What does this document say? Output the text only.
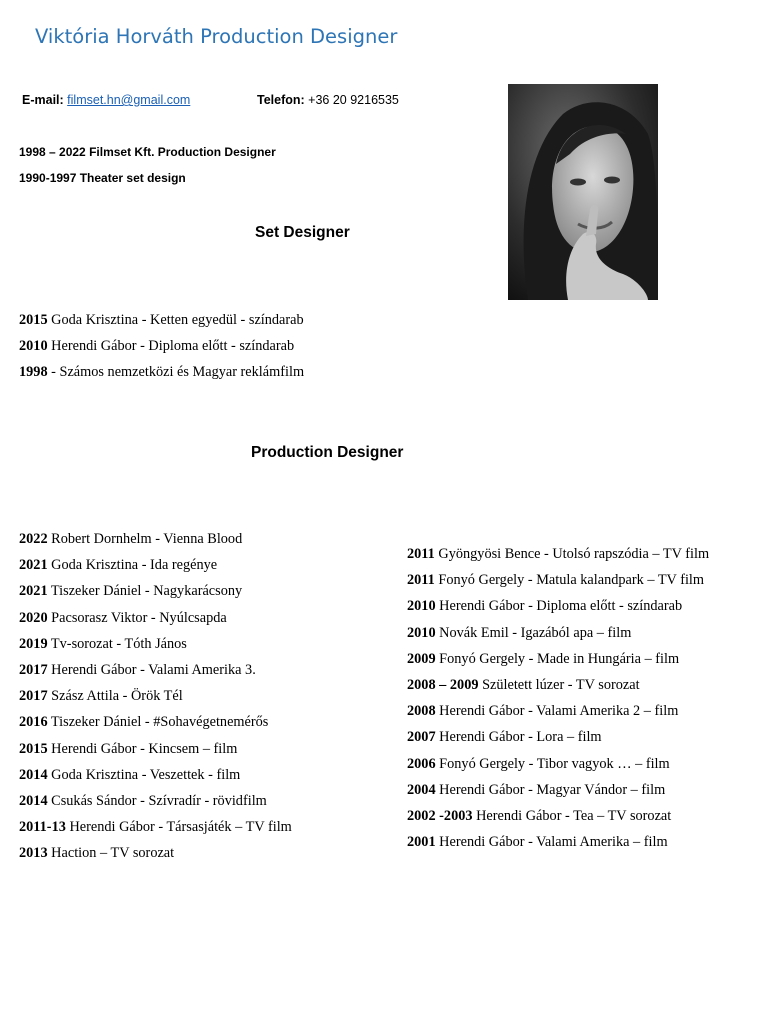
Viktória Horváth Production Designer
E-mail: filmset.hn@gmail.com	Telefon: +36 20 9216535
1998 – 2022 Filmset Kft. Production Designer
1990-1997 Theater set design
Set Designer
2015 Goda Krisztina - Ketten egyedül - színdarab
2010 Herendi Gábor - Diploma előtt - színdarab
1998 - Számos nemzetközi és Magyar reklámfilm
Production Designer
2022 Robert Dornhelm - Vienna Blood
2021 Goda Krisztina - Ida regénye
2021 Tiszeker Dániel - Nagykarácsony
2020 Pacsorasz Viktor - Nyúlcsapda
2019 Tv-sorozat - Tóth János
2017 Herendi Gábor - Valami Amerika 3.
2017 Szász Attila - Örök Tél
2016 Tiszeker Dániel - #Sohavégetnemérős
2015 Herendi Gábor - Kincsem – film
2014 Goda Krisztina - Veszettek - film
2014 Csukás Sándor - Szívradír - rövidfilm
2011-13 Herendi Gábor - Társasjáték – TV film
2013 Haction – TV sorozat
2011 Gyöngyösi Bence - Utolsó rapszódia – TV film
2011 Fonyó Gergely - Matula kalandpark – TV film
2010 Herendi Gábor - Diploma előtt - színdarab
2010 Novák Emil - Igazából apa – film
2009 Fonyó Gergely - Made in Hungária – film
2008 – 2009 Született lúzer - TV sorozat
2008 Herendi Gábor - Valami Amerika 2 – film
2007 Herendi Gábor - Lora – film
2006 Fonyó Gergely - Tibor vagyok … – film
2004 Herendi Gábor - Magyar Vándor – film
2002 -2003 Herendi Gábor - Tea – TV sorozat
2001 Herendi Gábor - Valami Amerika – film
